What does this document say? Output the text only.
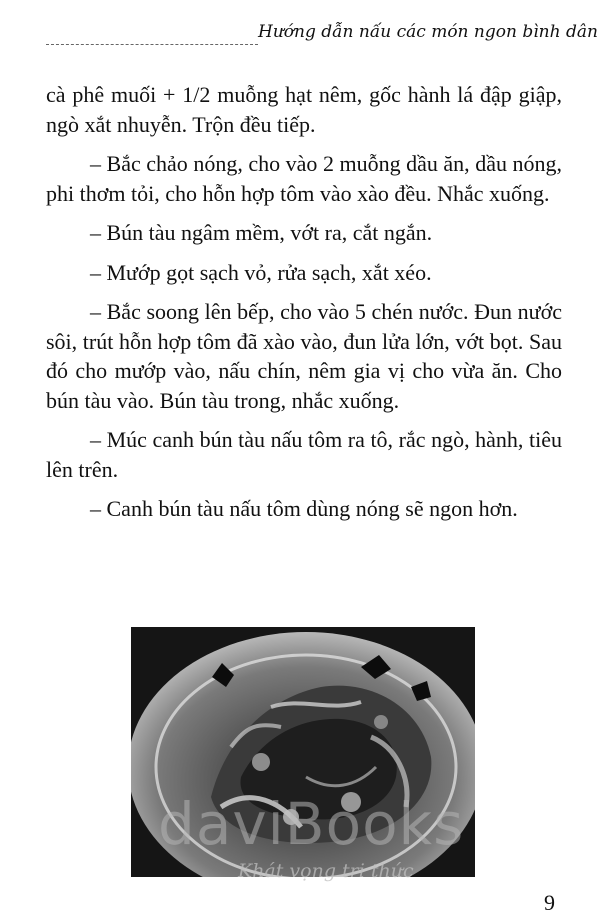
Hướng dẫn nấu các món ngon bình dân

cà phê muối + 1/2 muỗng hạt nêm, gốc hành lá đập giập, ngò xắt nhuyễn. Trộn đều tiếp.

– Bắc chảo nóng, cho vào 2 muỗng dầu ăn, dầu nóng, phi thơm tỏi, cho hỗn hợp tôm vào xào đều. Nhắc xuống.

– Bún tàu ngâm mềm, vớt ra, cắt ngắn.

– Mướp gọt sạch vỏ, rửa sạch, xắt xéo.

– Bắc soong lên bếp, cho vào 5 chén nước. Đun nước sôi, trút hỗn hợp tôm đã xào vào, đun lửa lớn, vớt bọt. Sau đó cho mướp vào, nấu chín, nêm gia vị cho vừa ăn. Cho bún tàu vào. Bún tàu trong, nhắc xuống.

– Múc canh bún tàu nấu tôm ra tô, rắc ngò, hành, tiêu lên trên.

– Canh bún tàu nấu tôm dùng nóng sẽ ngon hơn.

daviBooks
Khát vọng tri thức
9
